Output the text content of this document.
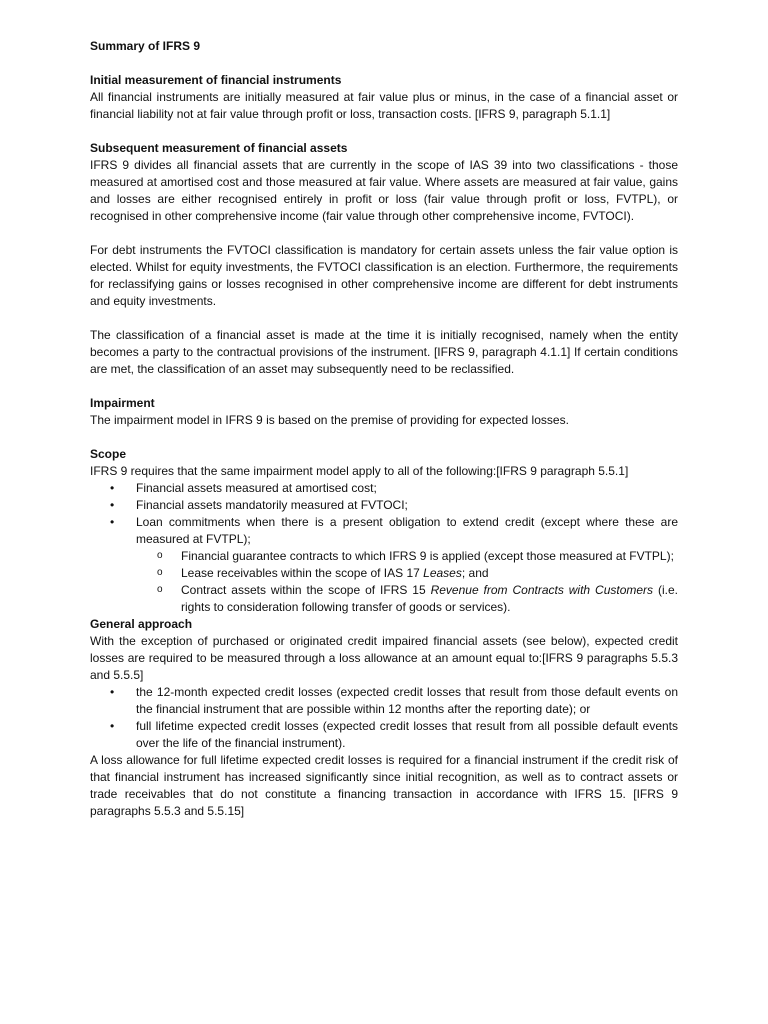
Summary of IFRS 9

Initial measurement of financial instruments

All financial instruments are initially measured at fair value plus or minus, in the case of a financial asset or financial liability not at fair value through profit or loss, transaction costs. [IFRS 9, paragraph 5.1.1]

Subsequent measurement of financial assets

IFRS 9 divides all financial assets that are currently in the scope of IAS 39 into two classifications - those measured at amortised cost and those measured at fair value. Where assets are measured at fair value, gains and losses are either recognised entirely in profit or loss (fair value through profit or loss, FVTPL), or recognised in other comprehensive income (fair value through other comprehensive income, FVTOCI).

For debt instruments the FVTOCI classification is mandatory for certain assets unless the fair value option is elected. Whilst for equity investments, the FVTOCI classification is an election. Furthermore, the requirements for reclassifying gains or losses recognised in other comprehensive income are different for debt instruments and equity investments.

The classification of a financial asset is made at the time it is initially recognised, namely when the entity becomes a party to the contractual provisions of the instrument. [IFRS 9, paragraph 4.1.1] If certain conditions are met, the classification of an asset may subsequently need to be reclassified.

Impairment

The impairment model in IFRS 9 is based on the premise of providing for expected losses.

Scope

IFRS 9 requires that the same impairment model apply to all of the following:[IFRS 9 paragraph 5.5.1]

• Financial assets measured at amortised cost;
• Financial assets mandatorily measured at FVTOCI;
• Loan commitments when there is a present obligation to extend credit (except where these are measured at FVTPL);
o Financial guarantee contracts to which IFRS 9 is applied (except those measured at FVTPL);
o Lease receivables within the scope of IAS 17 Leases; and
o Contract assets within the scope of IFRS 15 Revenue from Contracts with Customers (i.e. rights to consideration following transfer of goods or services).

General approach

With the exception of purchased or originated credit impaired financial assets (see below), expected credit losses are required to be measured through a loss allowance at an amount equal to:[IFRS 9 paragraphs 5.5.3 and 5.5.5]

• the 12-month expected credit losses (expected credit losses that result from those default events on the financial instrument that are possible within 12 months after the reporting date); or
• full lifetime expected credit losses (expected credit losses that result from all possible default events over the life of the financial instrument).

A loss allowance for full lifetime expected credit losses is required for a financial instrument if the credit risk of that financial instrument has increased significantly since initial recognition, as well as to contract assets or trade receivables that do not constitute a financing transaction in accordance with IFRS 15. [IFRS 9 paragraphs 5.5.3 and 5.5.15]
